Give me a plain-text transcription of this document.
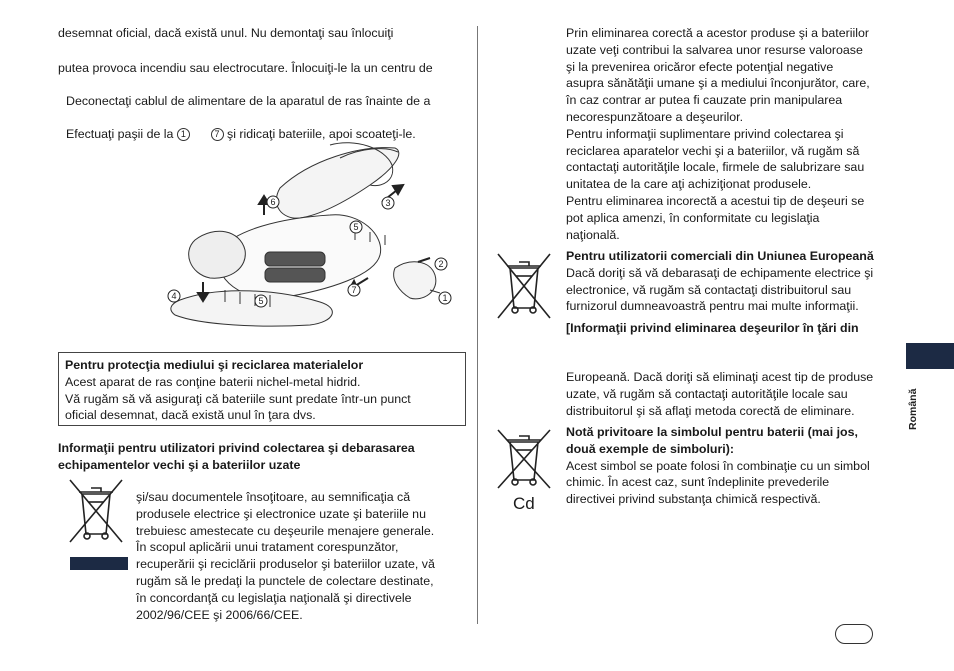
desemnat oficial, dacă există unul. Nu demontaţi sau înlocuiţi
putea provoca incendiu sau electrocutare. Înlocuiţi-le la un centru de
Deconectaţi cablul de alimentare de la aparatul de ras înainte de a
Efectuaţi paşii de la 1	7 şi ridicaţi bateriile, apoi scoateţi-le.
6	3
5
2
7
4	5	1
Pentru protecţia mediului şi reciclarea materialelor
Acest aparat de ras conţine baterii nichel-metal hidrid.
Vă rugăm să vă asiguraţi că bateriile sunt predate într-un punct
oficial desemnat, dacă există unul în ţara dvs.
Informaţii pentru utilizatori privind colectarea şi debarasarea
echipamentelor vechi şi a bateriilor uzate
şi/sau documentele însoţitoare, au semnificaţia că
produsele electrice şi electronice uzate şi bateriile nu
trebuiesc amestecate cu deşeurile menajere generale.
În scopul aplicării unui tratament corespunzător,
recuperării şi reciclării produselor şi bateriilor uzate, vă
rugăm să le predaţi la punctele de colectare destinate,
în concordanţă cu legislaţia naţională şi directivele
2002/96/CEE şi 2006/66/CEE.
Prin eliminarea corectă a acestor produse şi a bateriilor
uzate veţi contribui la salvarea unor resurse valoroase
şi la prevenirea oricăror efecte potenţial negative
asupra sănătăţii umane şi a mediului înconjurător, care,
în caz contrar ar putea fi cauzate prin manipularea
necorespunzătoare a deşeurilor.
Pentru informaţii suplimentare privind colectarea şi
reciclarea aparatelor vechi şi a bateriilor, vă rugăm să
contactaţi autorităţile locale, firmele de salubrizare sau
unitatea de la care aţi achiziţionat produsele.
Pentru eliminarea incorectă a acestui tip de deşeuri se
pot aplica amenzi, în conformitate cu legislaţia
naţională.
Pentru utilizatorii comerciali din Uniunea Europeană
Dacă doriţi să vă debarasaţi de echipamente electrice şi
electronice, vă rugăm să contactaţi distribuitorul sau
furnizorul dumneavoastră pentru mai multe informaţii.
[Informaţii privind eliminarea deşeurilor în ţări din
Europeană. Dacă doriţi să eliminaţi acest tip de produse
uzate, vă rugăm să contactaţi autorităţile locale sau
distribuitorul şi să aflaţi metoda corectă de eliminare.
Cd
Notă privitoare la simbolul pentru baterii (mai jos,
două exemple de simboluri):
Acest simbol se poate folosi în combinaţie cu un simbol
chimic. În acest caz, sunt îndeplinite prevederile
directivei privind substanţa chimică respectivă.
Română
